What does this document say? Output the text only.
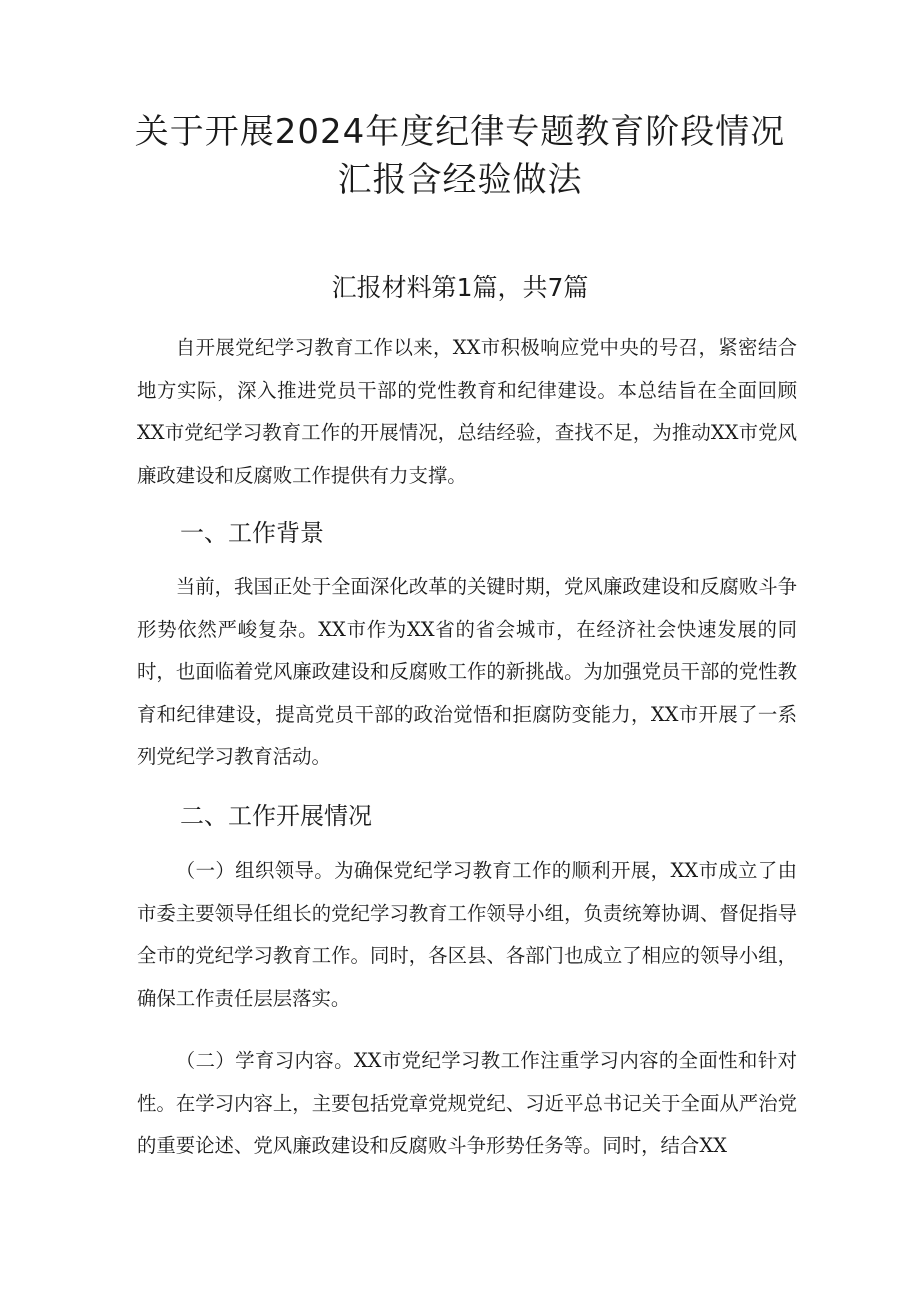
关于开展2024年度纪律专题教育阶段情况
汇报含经验做法
汇报材料第1篇，共7篇

自开展党纪学习教育工作以来，XX市积极响应党中央的号召，紧密结合地方实际，深入推进党员干部的党性教育和纪律建设。本总结旨在全面回顾XX市党纪学习教育工作的开展情况，总结经验，查找不足，为推动XX市党风廉政建设和反腐败工作提供有力支撑。

一、工作背景

当前，我国正处于全面深化改革的关键时期，党风廉政建设和反腐败斗争形势依然严峻复杂。XX市作为XX省的省会城市，在经济社会快速发展的同时，也面临着党风廉政建设和反腐败工作的新挑战。为加强党员干部的党性教育和纪律建设，提高党员干部的政治觉悟和拒腐防变能力，XX市开展了一系列党纪学习教育活动。

二、工作开展情况

（一）组织领导。为确保党纪学习教育工作的顺利开展，XX市成立了由市委主要领导任组长的党纪学习教育工作领导小组，负责统筹协调、督促指导全市的党纪学习教育工作。同时，各区县、各部门也成立了相应的领导小组，确保工作责任层层落实。

（二）学育习内容。XX市党纪学习教工作注重学习内容的全面性和针对性。在学习内容上，主要包括党章党规党纪、习近平总书记关于全面从严治党的重要论述、党风廉政建设和反腐败斗争形势任务等。同时，结合XX
